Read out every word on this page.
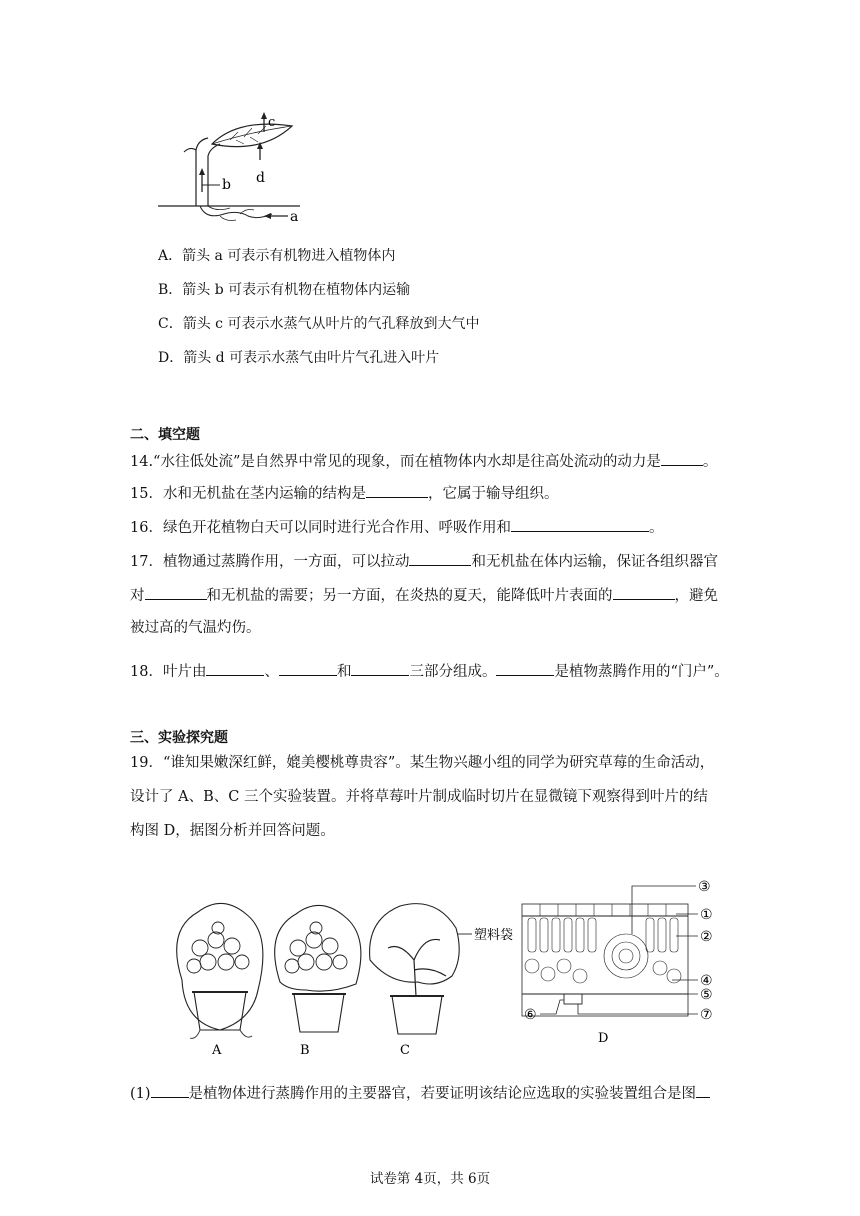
b
c
d
a
A．箭头 a 可表示有机物进入植物体内
B．箭头 b 可表示有机物在植物体内运输
C．箭头 c 可表示水蒸气从叶片的气孔释放到大气中
D．箭头 d 可表示水蒸气由叶片气孔进入叶片
二、填空题
14.“水往低处流”是自然界中常见的现象，而在植物体内水却是往高处流动的动力是	。
15．水和无机盐在茎内运输的结构是	，它属于输导组织。
16．绿色开花植物白天可以同时进行光合作用、呼吸作用和	。
17．植物通过蒸腾作用，一方面，可以拉动	和无机盐在体内运输，保证各组织器官
对	和无机盐的需要；另一方面，在炎热的夏天，能降低叶片表面的	，避免
被过高的气温灼伤。
18．叶片由	、	和	三部分组成。	是植物蒸腾作用的“门户”。
三、实验探究题
19．“谁知果嫩深红鲜，媲美樱桃尊贵容”。某生物兴趣小组的同学为研究草莓的生命活动，
设计了 A、B、C 三个实验装置。并将草莓叶片制成临时切片在显微镜下观察得到叶片的结
构图 D，据图分析并回答问题。
A	B
塑料袋
C
D
③
①
②
④
⑤
⑥	⑦
(1)	是植物体进行蒸腾作用的主要器官，若要证明该结论应选取的实验装置组合是图
试卷第 4页，共 6页
